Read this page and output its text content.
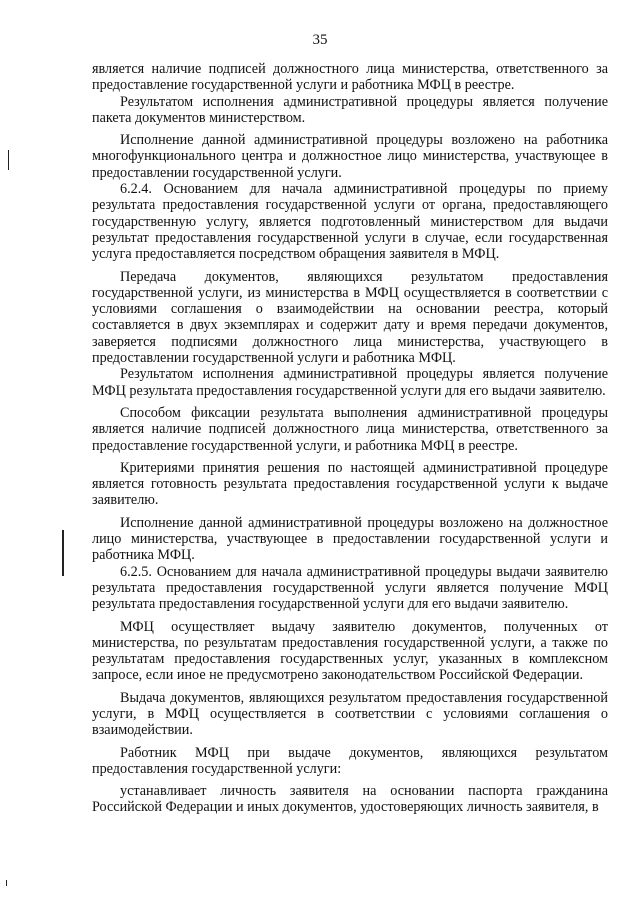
35

является наличие подписей должностного лица министерства, ответственного за предоставление государственной услуги и работника МФЦ в реестре.

Результатом исполнения административной процедуры является получение пакета документов министерством.

Исполнение данной административной процедуры возложено на работника многофункционального центра и должностное лицо министерства, участвующее в предоставлении государственной услуги.

6.2.4. Основанием для начала административной процедуры по приему результата предоставления государственной услуги от органа, предоставляющего государственную услугу, является подготовленный министерством для выдачи результат предоставления государственной услуги в случае, если государственная услуга предоставляется посредством обращения заявителя в МФЦ.

Передача документов, являющихся результатом предоставления государственной услуги, из министерства в МФЦ осуществляется в соответствии с условиями соглашения о взаимодействии на основании реестра, который составляется в двух экземплярах и содержит дату и время передачи документов, заверяется подписями должностного лица министерства, участвующего в предоставлении государственной услуги и работника МФЦ.

Результатом исполнения административной процедуры является получение МФЦ результата предоставления государственной услуги для его выдачи заявителю.

Способом фиксации результата выполнения административной процедуры является наличие подписей должностного лица министерства, ответственного за предоставление государственной услуги, и работника МФЦ в реестре.

Критериями принятия решения по настоящей административной процедуре является готовность результата предоставления государственной услуги к выдаче заявителю.

Исполнение данной административной процедуры возложено на должностное лицо министерства, участвующее в предоставлении государственной услуги и работника МФЦ.

6.2.5. Основанием для начала административной процедуры выдачи заявителю результата предоставления государственной услуги является получение МФЦ результата предоставления государственной услуги для его выдачи заявителю.

МФЦ осуществляет выдачу заявителю документов, полученных от министерства, по результатам предоставления государственной услуги, а также по результатам предоставления государственных услуг, указанных в комплексном запросе, если иное не предусмотрено законодательством Российской Федерации.

Выдача документов, являющихся результатом предоставления государственной услуги, в МФЦ осуществляется в соответствии с условиями соглашения о взаимодействии.

Работник МФЦ при выдаче документов, являющихся результатом предоставления государственной услуги:

устанавливает личность заявителя на основании паспорта гражданина Российской Федерации и иных документов, удостоверяющих личность заявителя, в
